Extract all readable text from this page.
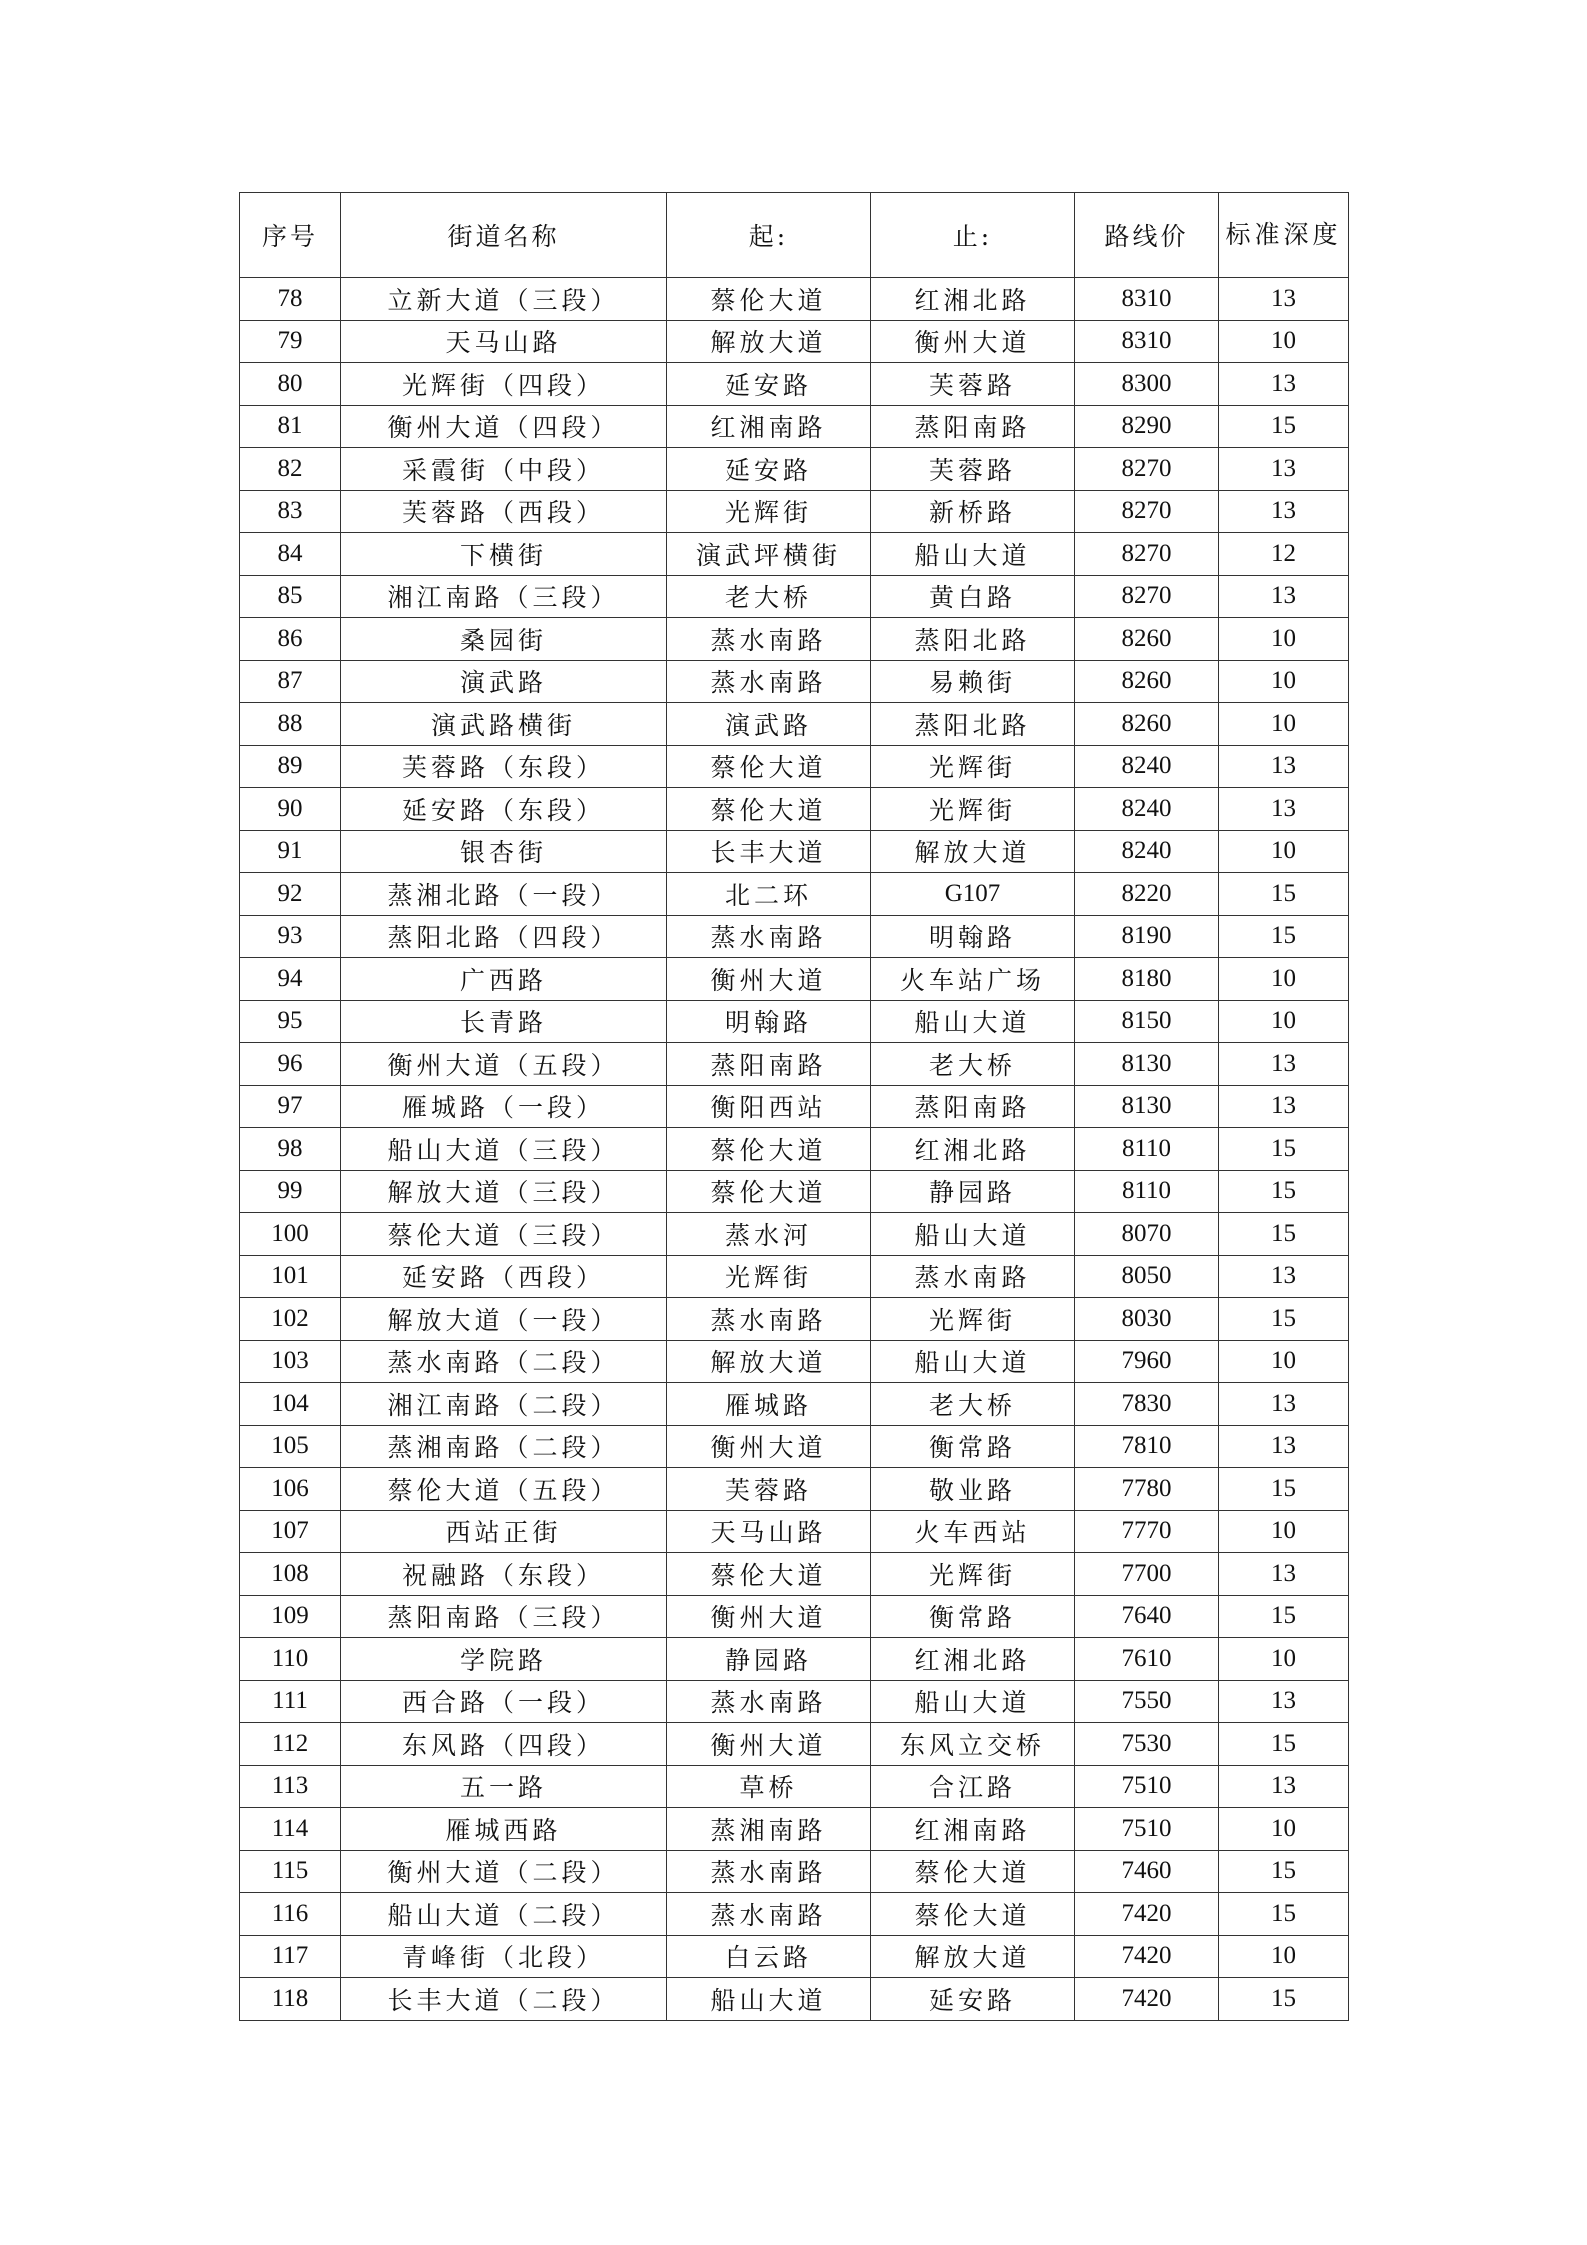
序号	街道名称	起:	止:	路线价	标准深度
78	立新大道（三段）	蔡伦大道	红湘北路	8310	13
79	天马山路	解放大道	衡州大道	8310	10
80	光辉街（四段）	延安路	芙蓉路	8300	13
81	衡州大道（四段）	红湘南路	蒸阳南路	8290	15
82	采霞街（中段）	延安路	芙蓉路	8270	13
83	芙蓉路（西段）	光辉街	新桥路	8270	13
84	下横街	演武坪横街	船山大道	8270	12
85	湘江南路（三段）	老大桥	黄白路	8270	13
86	桑园街	蒸水南路	蒸阳北路	8260	10
87	演武路	蒸水南路	易赖街	8260	10
88	演武路横街	演武路	蒸阳北路	8260	10
89	芙蓉路（东段）	蔡伦大道	光辉街	8240	13
90	延安路（东段）	蔡伦大道	光辉街	8240	13
91	银杏街	长丰大道	解放大道	8240	10
92	蒸湘北路（一段）	北二环	G107	8220	15
93	蒸阳北路（四段）	蒸水南路	明翰路	8190	15
94	广西路	衡州大道	火车站广场	8180	10
95	长青路	明翰路	船山大道	8150	10
96	衡州大道（五段）	蒸阳南路	老大桥	8130	13
97	雁城路（一段）	衡阳西站	蒸阳南路	8130	13
98	船山大道（三段）	蔡伦大道	红湘北路	8110	15
99	解放大道（三段）	蔡伦大道	静园路	8110	15
100	蔡伦大道（三段）	蒸水河	船山大道	8070	15
101	延安路（西段）	光辉街	蒸水南路	8050	13
102	解放大道（一段）	蒸水南路	光辉街	8030	15
103	蒸水南路（二段）	解放大道	船山大道	7960	10
104	湘江南路（二段）	雁城路	老大桥	7830	13
105	蒸湘南路（二段）	衡州大道	衡常路	7810	13
106	蔡伦大道（五段）	芙蓉路	敬业路	7780	15
107	西站正街	天马山路	火车西站	7770	10
108	祝融路（东段）	蔡伦大道	光辉街	7700	13
109	蒸阳南路（三段）	衡州大道	衡常路	7640	15
110	学院路	静园路	红湘北路	7610	10
111	西合路（一段）	蒸水南路	船山大道	7550	13
112	东风路（四段）	衡州大道	东风立交桥	7530	15
113	五一路	草桥	合江路	7510	13
114	雁城西路	蒸湘南路	红湘南路	7510	10
115	衡州大道（二段）	蒸水南路	蔡伦大道	7460	15
116	船山大道（二段）	蒸水南路	蔡伦大道	7420	15
117	青峰街（北段）	白云路	解放大道	7420	10
118	长丰大道（二段）	船山大道	延安路	7420	15
